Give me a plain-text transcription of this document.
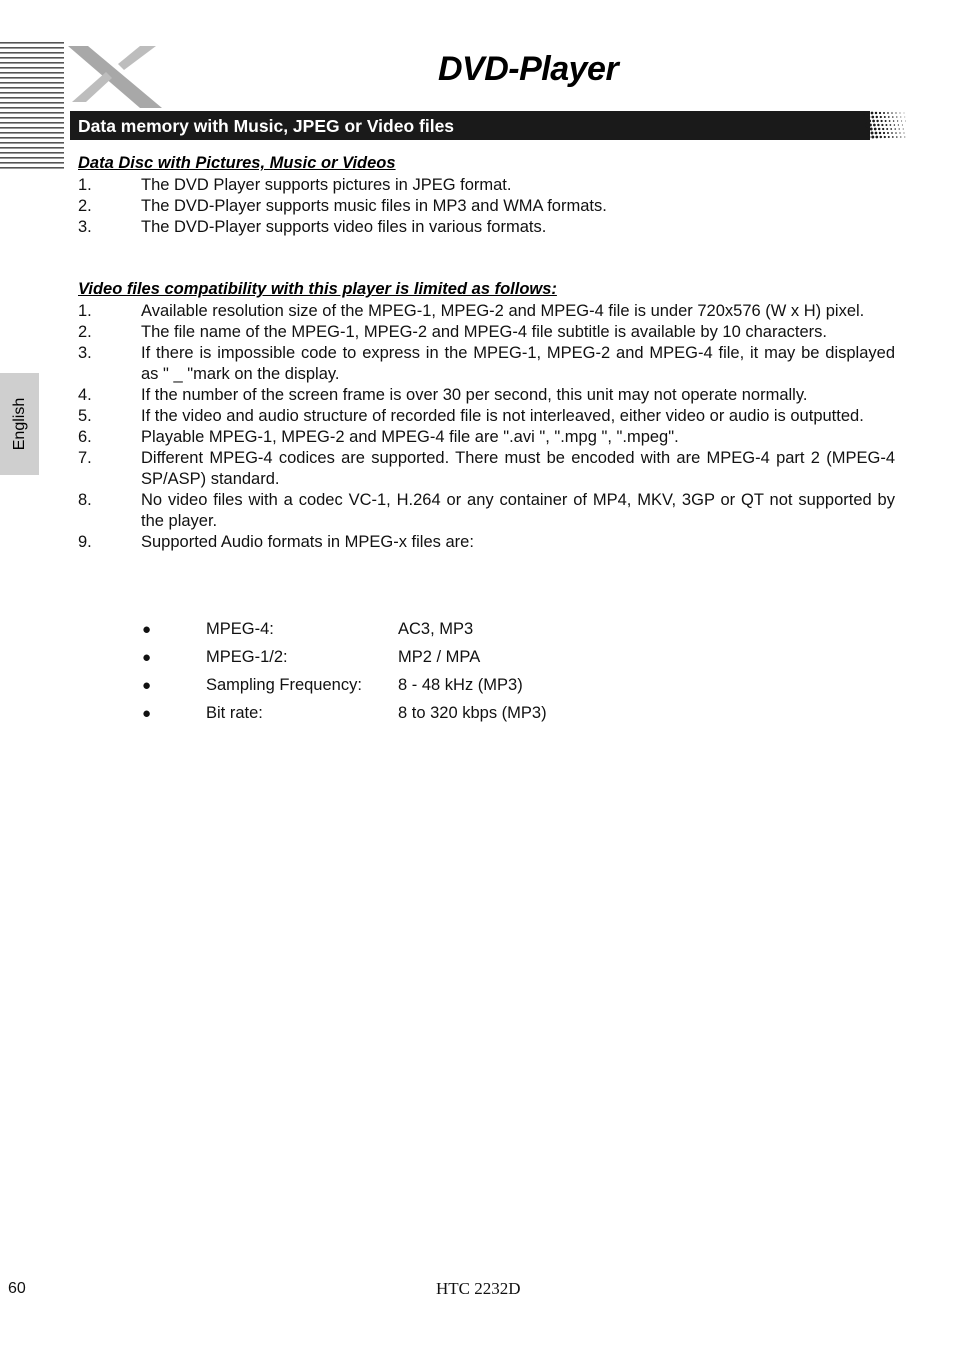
DVD-Player
Data memory with Music, JPEG or Video files
English
Data Disc with Pictures, Music or Videos
1.	The DVD Player supports pictures in JPEG format.
2.	The DVD-Player supports music files in MP3 and WMA formats.
3.	The DVD-Player supports video files in various formats.
Video files compatibility with this player is limited as follows:
1.	Available resolution size of the MPEG-1, MPEG-2 and MPEG-4 file is under 720x576 (W x H) pixel.
2.	The file name of the MPEG-1, MPEG-2 and MPEG-4 file subtitle is available by 10 characters.
3.	If there is impossible code to express in the MPEG-1, MPEG-2 and MPEG-4 file, it may be displayed as " _ "mark on the display.
4.	If the number of the screen frame is over 30 per second, this unit may not operate normally.
5.	If the video and audio structure of recorded file is not interleaved, either video or audio is outputted.
6.	Playable MPEG-1, MPEG-2 and MPEG-4 file are ".avi ", ".mpg ", ".mpeg".
7.	Different MPEG-4 codices are supported. There must be encoded with are MPEG-4 part 2 (MPEG-4 SP/ASP) standard.
8.	No video files with a codec VC-1, H.264 or any container of MP4, MKV, 3GP or QT not supported by the player.
9.	Supported Audio formats in MPEG-x files are:
●	MPEG-4:	AC3, MP3
●	MPEG-1/2:	MP2 / MPA
●	Sampling Frequency: 8 - 48 kHz (MP3)
●	Bit rate:	8 to 320 kbps (MP3)
60	HTC 2232D
